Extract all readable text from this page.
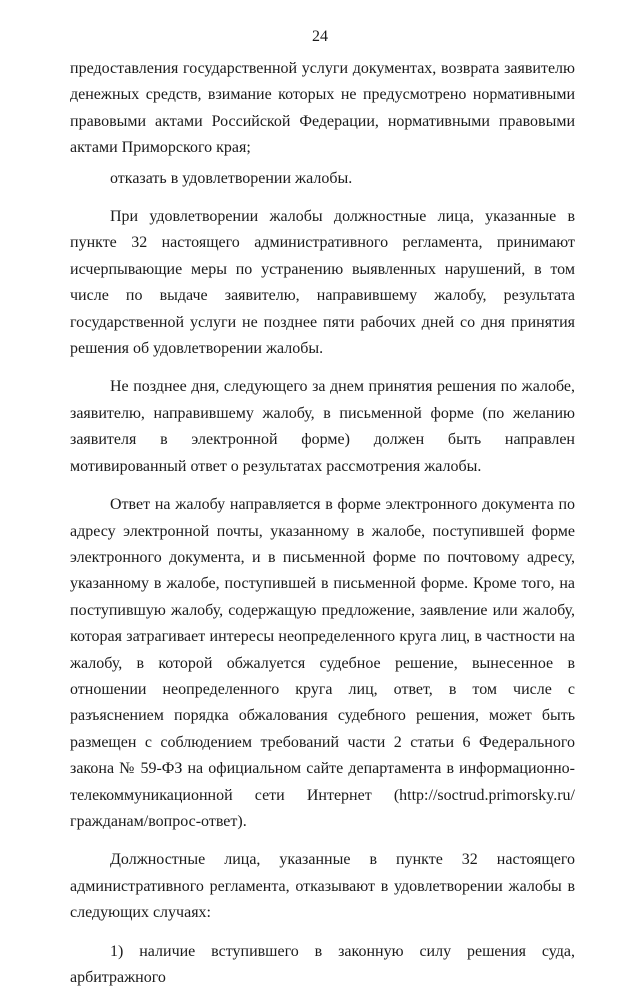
24

предоставления государственной услуги документах, возврата заявителю денежных средств, взимание которых не предусмотрено нормативными правовыми актами Российской Федерации, нормативными правовыми актами Приморского края;

отказать в удовлетворении жалобы.

При удовлетворении жалобы должностные лица, указанные в пункте 32 настоящего административного регламента, принимают исчерпывающие меры по устранению выявленных нарушений, в том числе по выдаче заявителю, направившему жалобу, результата государственной услуги не позднее пяти рабочих дней со дня принятия решения об удовлетворении жалобы.

Не позднее дня, следующего за днем принятия решения по жалобе, заявителю, направившему жалобу, в письменной форме (по желанию заявителя в электронной форме) должен быть направлен мотивированный ответ о результатах рассмотрения жалобы.

Ответ на жалобу направляется в форме электронного документа по адресу электронной почты, указанному в жалобе, поступившей форме электронного документа, и в письменной форме по почтовому адресу, указанному в жалобе, поступившей в письменной форме. Кроме того, на поступившую жалобу, содержащую предложение, заявление или жалобу, которая затрагивает интересы неопределенного круга лиц, в частности на жалобу, в которой обжалуется судебное решение, вынесенное в отношении неопределенного круга лиц, ответ, в том числе с разъяснением порядка обжалования судебного решения, может быть размещен с соблюдением требований части 2 статьи 6 Федерального закона № 59-ФЗ на официальном сайте департамента в информационно-телекоммуникационной сети Интернет (http://soctrud.primorsky.ru/гражданам/вопрос-ответ).

Должностные лица, указанные в пункте 32 настоящего административного регламента, отказывают в удовлетворении жалобы в следующих случаях:

1) наличие вступившего в законную силу решения суда, арбитражного
